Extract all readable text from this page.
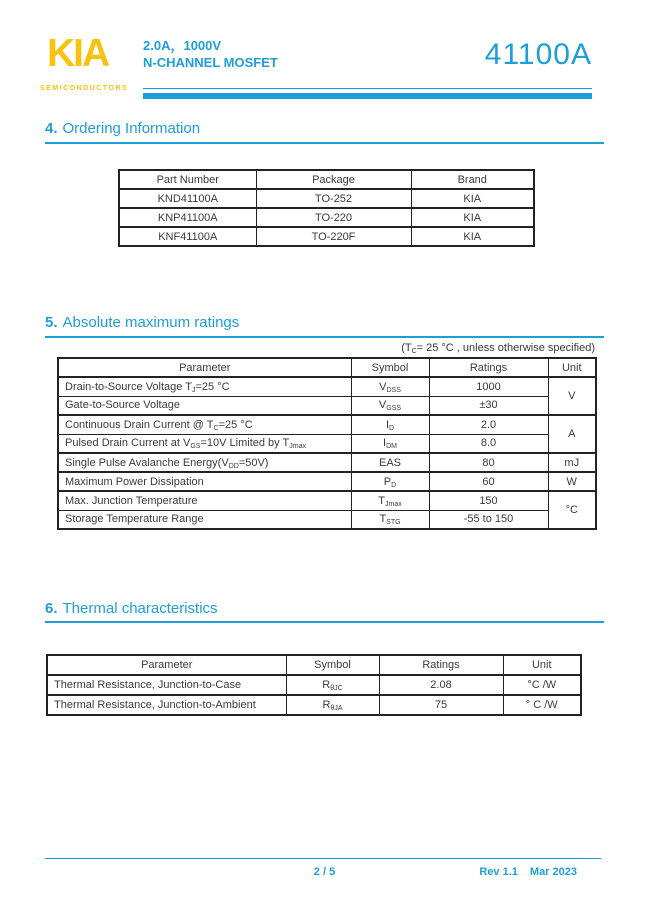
KIA
SEMICONDUCTORS
2.0A，1000V
N-CHANNEL MOSFET	41100A
4. Ordering Information
Part Number	Package	Brand
KND41100A	TO-252	KIA
KNP41100A	TO-220	KIA
KNF41100A	TO-220F	KIA
5. Absolute maximum ratings
($T_C= 25$ °C , unless otherwise specified)
Parameter	Symbol	Ratings	Unit
Drain-to-Source Voltage $T_J=25$ °C	$V_{DSS}$	1000	V
Gate-to-Source Voltage	$V_{GSS}$	±30	
Continuous Drain Current @ $T_C=25$ °C	$I_D$	2.0	A
Pulsed Drain Current at $V_{GS}=10V$ Limited by $T_{Jmax}$	$I_{DM}$	8.0	
Single Pulse Avalanche $Energy(V_{DD}=50V)$	EAS	80	mJ
Maximum Power Dissipation	$P_D$	60	W
Max. Junction Temperature	$T_{Jmax}$	150	°C
Storage Temperature Range	$T_{STG}$	-55 to 150	
6. Thermal characteristics
Parameter	Symbol	Ratings	Unit
Thermal Resistance, Junction-to-Case	$R_{\theta JC}$	2.08	°C /W
Thermal Resistance, Junction-to-Ambient	$R_{\theta JA}$	75	° C /W
2 / 5	Rev 1.1 Mar 2023
